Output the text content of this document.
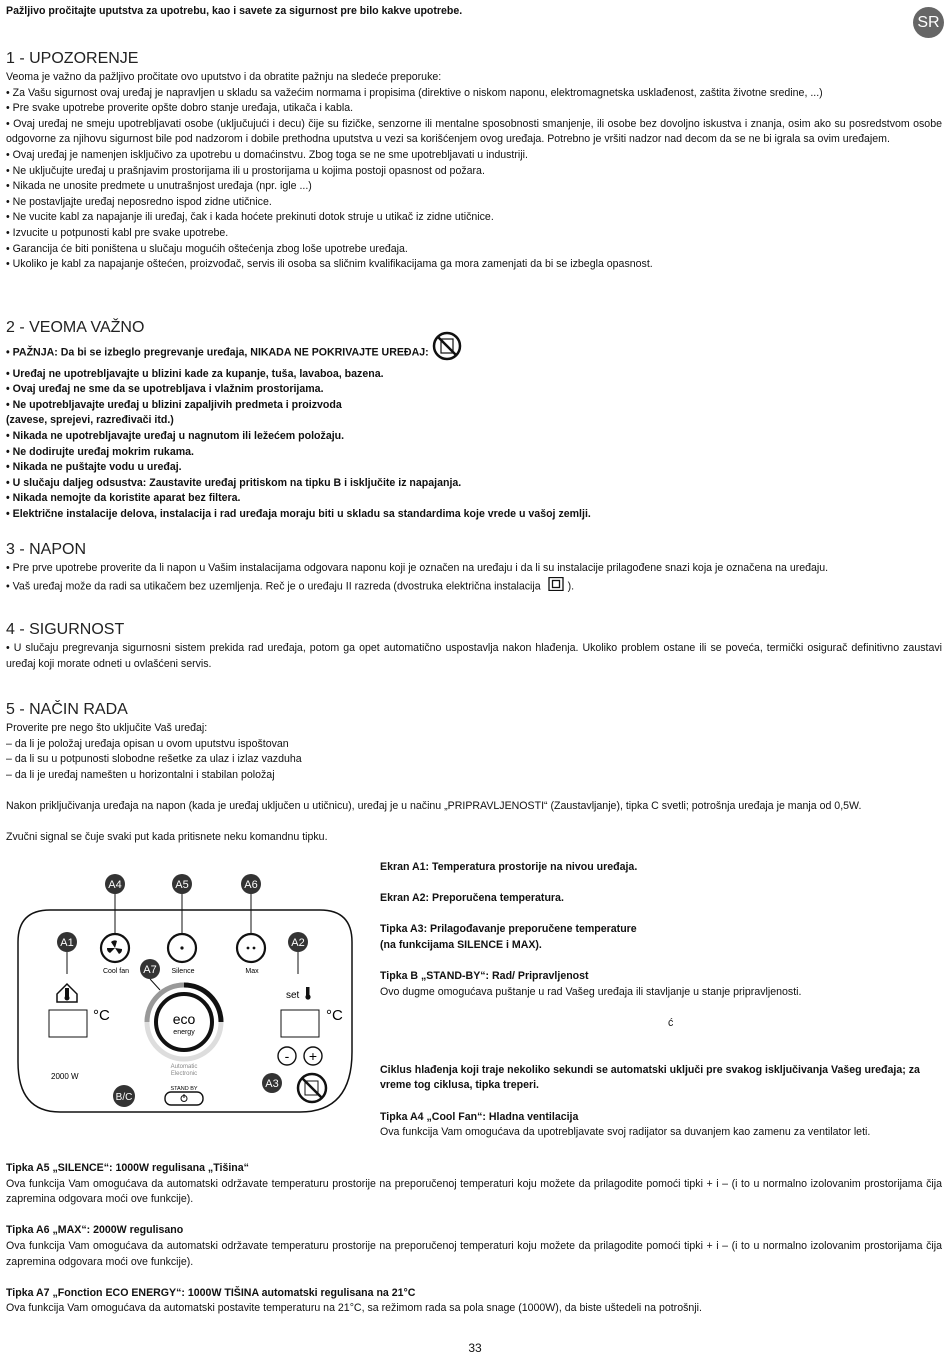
Pažljivo pročitajte uputstva za upotrebu, kao i savete za sigurnost pre bilo kakve upotrebe.
SR
1 - UPOZORENJE

Veoma je važno da pažljivo pročitate ovo uputstvo i da obratite pažnju na sledeće preporuke:

• Za Vašu sigurnost ovaj uređaj je napravljen u skladu sa važećim normama i propisima (direktive o niskom naponu, elektromagnetska usklađenost, zaštita životne sredine, ...)

• Pre svake upotrebe proverite opšte dobro stanje uređaja, utikača i kabla.

• Ovaj uređaj ne smeju upotrebljavati osobe (uključujući i decu) čije su fizičke, senzorne ili mentalne sposobnosti smanjenje, ili osobe bez dovoljno iskustva i znanja, osim ako su posredstvom osobe odgovorne za njihovu sigurnost bile pod nadzorom i dobile prethodna uputstva u vezi sa korišćenjem ovog uređaja. Potrebno je vršiti nadzor nad decom da se ne bi igrala sa ovim uređajem.

• Ovaj uređaj je namenjen isključivo za upotrebu u domaćinstvu. Zbog toga se ne sme upotrebljavati u industriji.

• Ne uključujte uređaj u prašnjavim prostorijama ili u prostorijama u kojima postoji opasnost od požara.

• Nikada ne unosite predmete u unutrašnjost uređaja (npr. igle ...)

• Ne postavljajte uređaj neposredno ispod zidne utičnice.

• Ne vucite kabl za napajanje ili uređaj, čak i kada hoćete prekinuti dotok struje u utikač iz zidne utičnice.

• Izvucite u potpunosti kabl pre svake upotrebe.

• Garancija će biti poništena u slučaju mogućih oštećenja zbog loše upotrebe uređaja.

• Ukoliko je kabl za napajanje oštećen, proizvođač, servis ili osoba sa sličnim kvalifikacijama ga mora zamenjati da bi se izbegla opasnost.

2 - VEOMA VAŽNO

• PAŽNJA: Da bi se izbeglo pregrevanje uređaja, NIKADA NE POKRIVAJTE UREĐAJ:

• Uređaj ne upotrebljavajte u blizini kade za kupanje, tuša, lavaboa, bazena.

• Ovaj uređaj ne sme da se upotrebljava i vlažnim prostorijama.

• Ne upotrebljavajte uređaj u blizini zapaljivih predmeta i proizvoda

(zavese, sprejevi, razređivači itd.)

• Nikada ne upotrebljavajte uređaj u nagnutom ili ležećem položaju.

• Ne dodirujte uređaj mokrim rukama.

• Nikada ne puštajte vodu u uređaj.

• U slučaju daljeg odsustva: Zaustavite uređaj pritiskom na tipku B i isključite iz napajanja.

• Nikada nemojte da koristite aparat bez filtera.

• Električne instalacije delova, instalacija i rad uređaja moraju biti u skladu sa standardima koje vrede u vašoj zemlji.

3 - NAPON

• Pre prve upotrebe proverite da li napon u Vašim instalacijama odgovara naponu koji je označen na uređaju i da li su instalacije prilagođene snazi koja je označena na uređaju.

• Vaš uređaj može da radi sa utikačem bez uzemljenja. Reč je o uređaju II razreda (dvostruka električna instalacija	).

4 - SIGURNOST

• U slučaju pregrevanja sigurnosni sistem prekida rad uređaja, potom ga opet automatično uspostavlja nakon hlađenja. Ukoliko problem ostane ili se poveća, termički osigurač definitivno zaustavi uređaj koji morate odneti u ovlašćeni servis.

5 - NAČIN RADA

Proverite pre nego što uključite Vaš uređaj:

– da li je položaj uređaja opisan u ovom uputstvu ispoštovan

– da li su u potpunosti slobodne rešetke za ulaz i izlaz vazduha

– da li je uređaj namešten u horizontalni i stabilan položaj

Nakon priključivanja uređaja na napon (kada je uređaj uključen u utičnicu), uređaj je u načinu „PRIPRAVLJENOSTI“ (Zaustavljanje), tipka C svetli; potrošnja uređaja je manja od 0,5W.

Zvučni signal se čuje svaki put kada pritisnete neku komandnu tipku.

A4	A5	A6
A1	A2
A7
A3
B/C
Cool fan	Silence	Max
°C
set
°C
eco
energy
Automatic
Electronic
2000 W
STAND BY
- +

Ekran A1: Temperatura prostorije na nivou uređaja.

Ekran A2: Preporučena temperatura.

Tipka A3: Prilagođavanje preporučene temperature

(na funkcijama SILENCE i MAX).

Tipka B „STAND-BY“: Rad/ Pripravljenost

Ovo dugme omogućava puštanje u rad Vašeg uređaja ili stavljanje u stanje pripravljenosti.

ć

Ciklus hlađenja koji traje nekoliko sekundi se automatski uključi pre svakog isključivanja Vašeg uređaja; za vreme tog ciklusa, tipka treperi.

Tipka A4 „Cool Fan“: Hladna ventilacija

Ova funkcija Vam omogućava da upotrebljavate svoj radijator sa duvanjem kao zamenu za ventilator leti.

Tipka A5 „SILENCE“: 1000W regulisana „Tišina“

Ova funkcija Vam omogućava da automatski održavate temperaturu prostorije na preporučenoj temperaturi koju možete da prilagodite pomoći tipki + i – (i to u normalno izolovanim prostorijama čija zapremina odgovara moći ove funkcije).

Tipka A6 „MAX“: 2000W regulisano

Ova funkcija Vam omogućava da automatski održavate temperaturu prostorije na preporučenoj temperaturi koju možete da prilagodite pomoći tipki + i – (i to u normalno izolovanim prostorijama čija zapremina odgovara moći ove funkcije).

Tipka A7 „Fonction ECO ENERGY“: 1000W TIŠINA automatski regulisana na 21°C

Ova funkcija Vam omogućava da automatski postavite temperaturu na 21°C, sa režimom rada sa pola snage (1000W), da biste uštedeli na potrošnji.

33
